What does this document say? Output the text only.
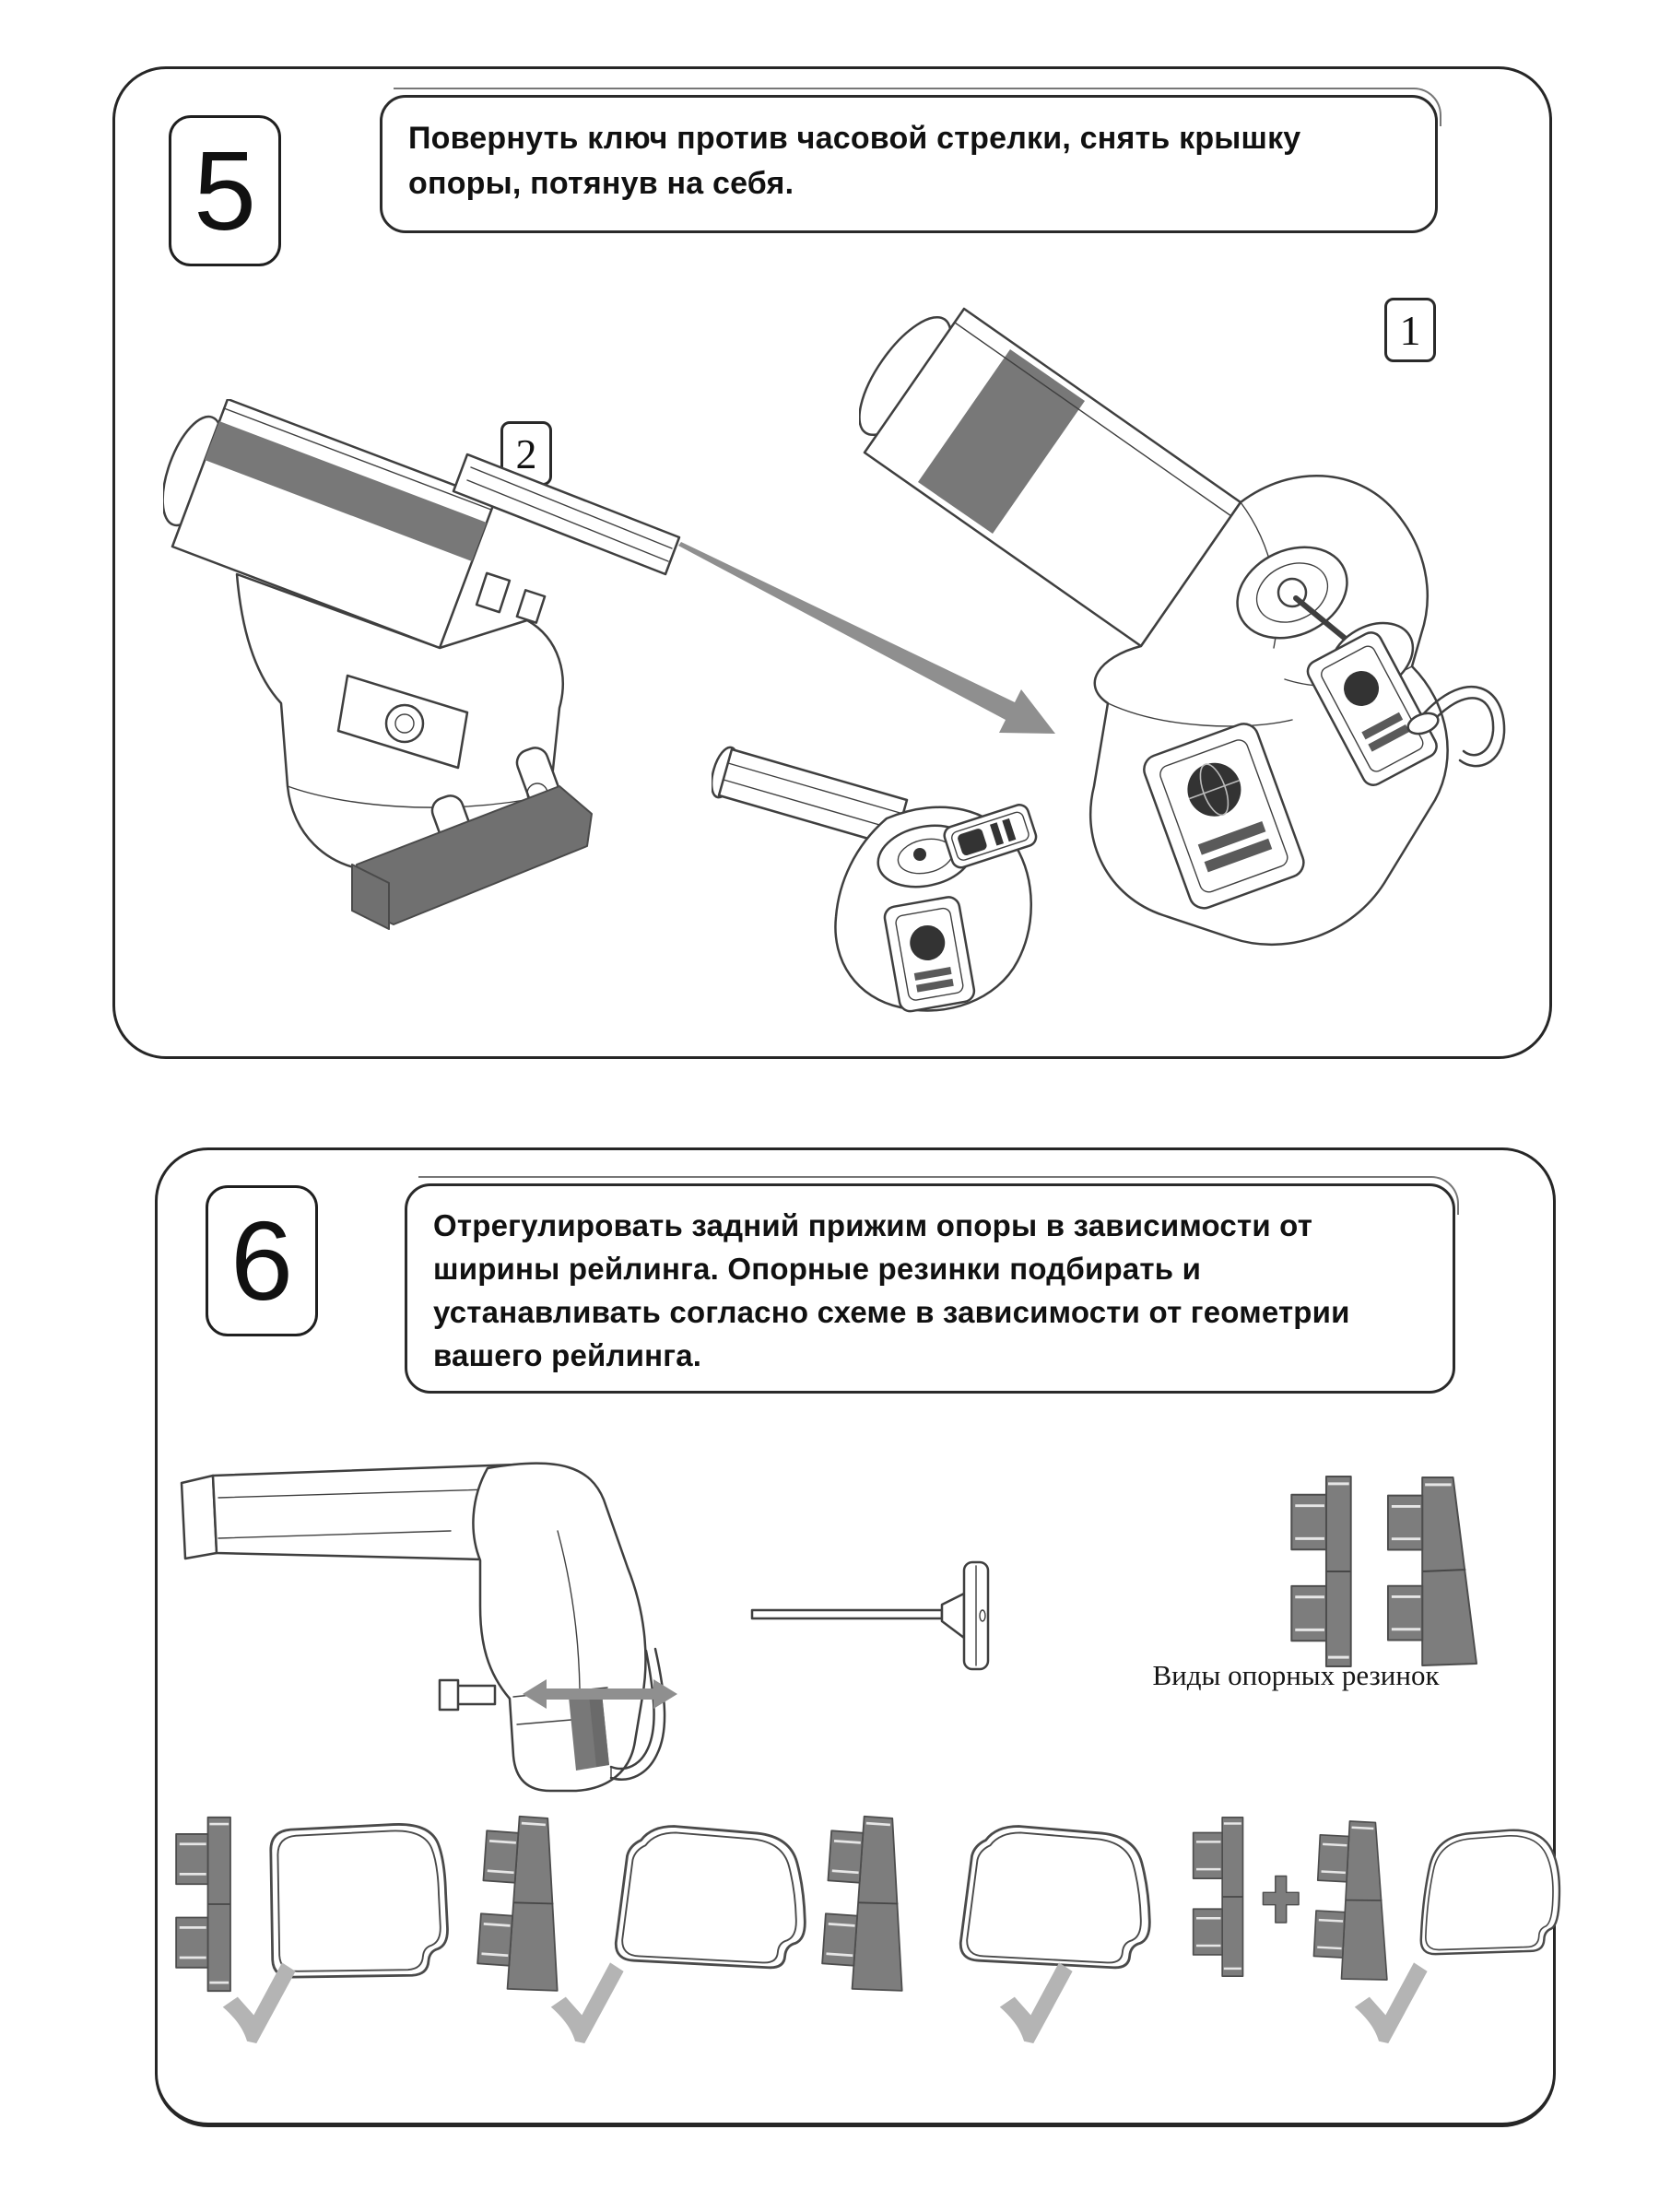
5	Повернуть ключ против часовой стрелки, снять крышку опоры, потянув на себя.

1
2
6	Отрегулировать задний прижим опоры в зависимости от ширины рейлинга. Опорные резинки подбирать и устанавливать согласно схеме в зависимости от геометрии вашего рейлинга.

Виды опорных резинок
